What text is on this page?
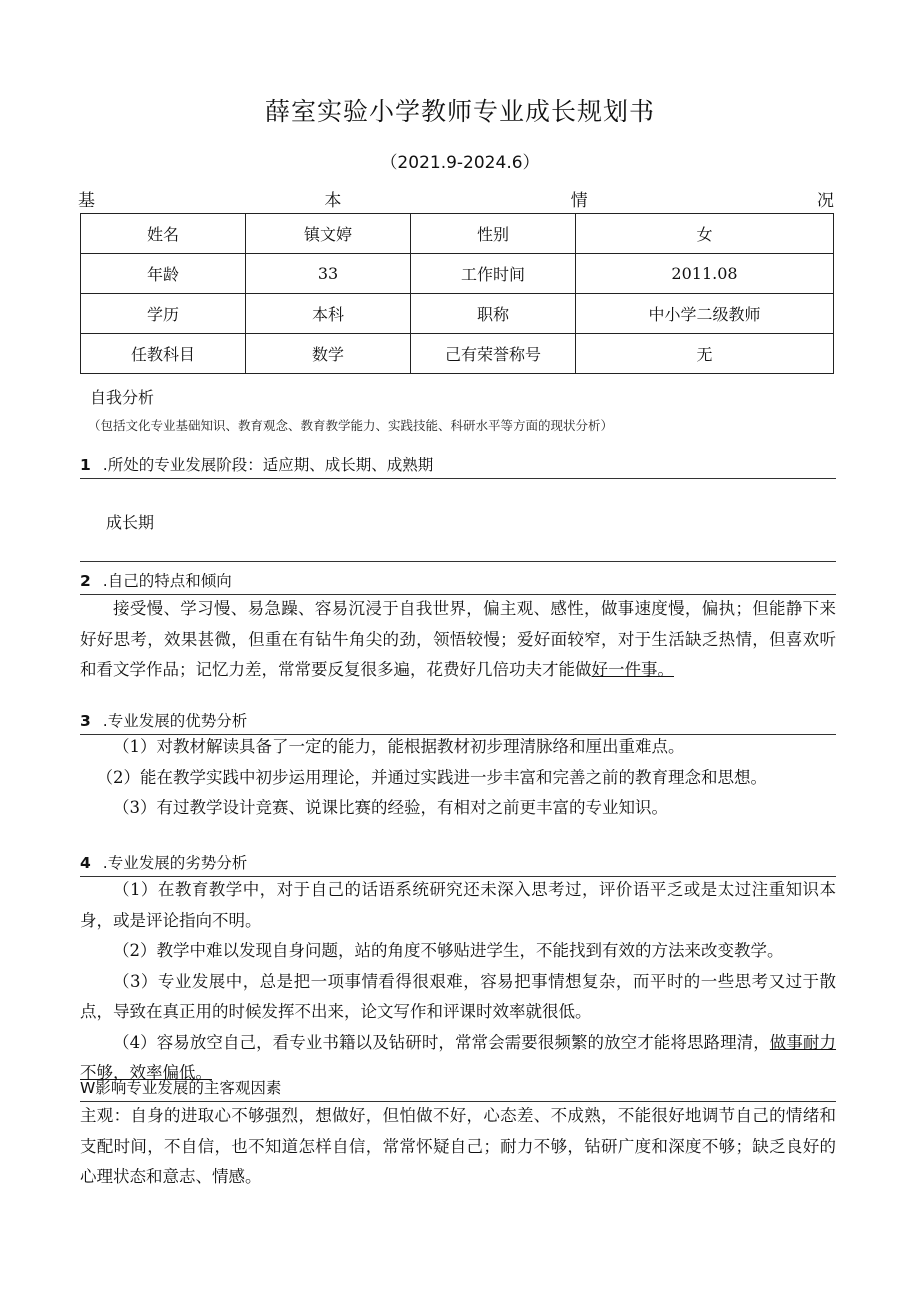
薛室实验小学教师专业成长规划书
（2021.9-2024.6）
基	本	情	况
姓名	镇文婷	性别	女
年龄	33	工作时间	2011.08
学历	本科	职称	中小学二级教师
任教科目	数学	己有荣誉称号	无
自我分析
（包括文化专业基础知识、教育观念、教育教学能力、实践技能、科研水平等方面的现状分析）
1 .所处的专业发展阶段：适应期、成长期、成熟期
成长期
2 .自己的特点和倾向

接受慢、学习慢、易急躁、容易沉浸于自我世界，偏主观、感性，做事速度慢，偏执；但能静下来好好思考，效果甚微，但重在有钻牛角尖的劲，领悟较慢；爱好面较窄，对于生活缺乏热情，但喜欢听和看文学作品；记忆力差，常常要反复很多遍，花费好几倍功夫才能做好一件事。

3 .专业发展的优势分析

（1）对教材解读具备了一定的能力，能根据教材初步理清脉络和厘出重难点。

（2）能在教学实践中初步运用理论，并通过实践进一步丰富和完善之前的教育理念和思想。

（3）有过教学设计竞赛、说课比赛的经验，有相对之前更丰富的专业知识。

4 .专业发展的劣势分析

（1）在教育教学中，对于自己的话语系统研究还未深入思考过，评价语平乏或是太过注重知识本身，或是评论指向不明。

（2）教学中难以发现自身问题，站的角度不够贴进学生，不能找到有效的方法来改变教学。

（3）专业发展中，总是把一项事情看得很艰难，容易把事情想复杂，而平时的一些思考又过于散点，导致在真正用的时候发挥不出来，论文写作和评课时效率就很低。

（4）容易放空自己，看专业书籍以及钻研时，常常会需要很频繁的放空才能将思路理清，做事耐力不够，效率偏低。

W影响专业发展的主客观因素

主观：自身的进取心不够强烈，想做好，但怕做不好，心态差、不成熟，不能很好地调节自己的情绪和支配时间，不自信，也不知道怎样自信，常常怀疑自己；耐力不够，钻研广度和深度不够；缺乏良好的心理状态和意志、情感。
